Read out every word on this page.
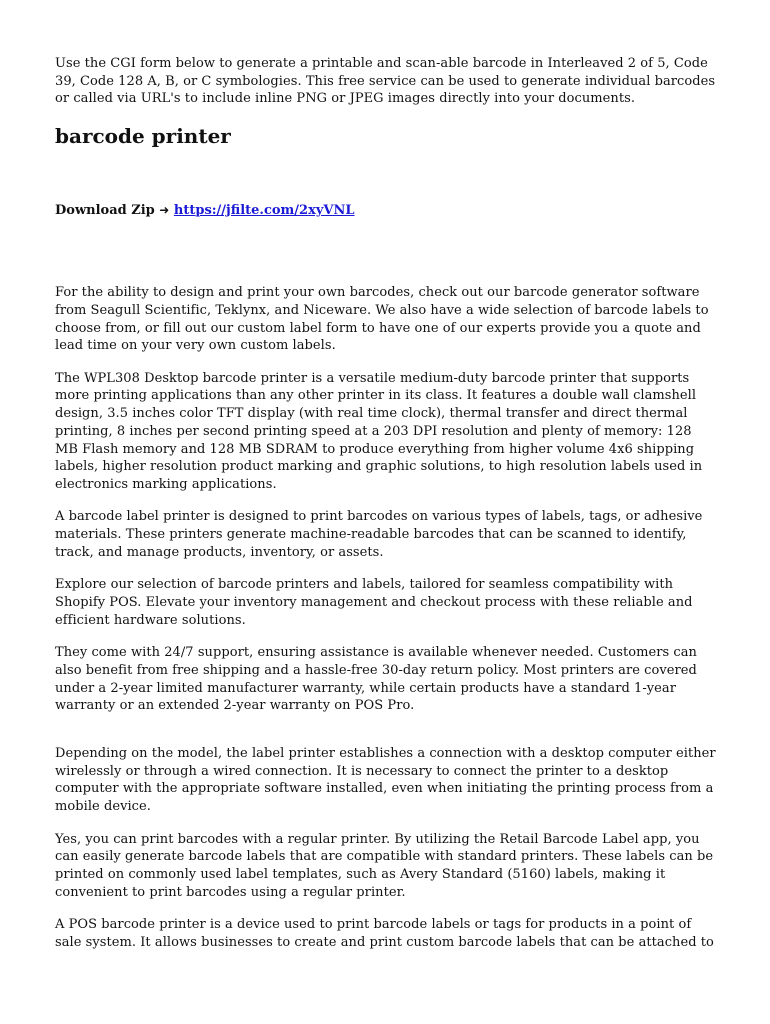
Use the CGI form below to generate a printable and scan-able barcode in Interleaved 2 of 5, Code 39, Code 128 A, B, or C symbologies. This free service can be used to generate individual barcodes or called via URL's to include inline PNG or JPEG images directly into your documents.

barcode printer
Download Zip ➜ https://jfilte.com/2xyVNL

For the ability to design and print your own barcodes, check out our barcode generator software from Seagull Scientific, Teklynx, and Niceware. We also have a wide selection of barcode labels to choose from, or fill out our custom label form to have one of our experts provide you a quote and lead time on your very own custom labels.

The WPL308 Desktop barcode printer is a versatile medium-duty barcode printer that supports more printing applications than any other printer in its class. It features a double wall clamshell design, 3.5 inches color TFT display (with real time clock), thermal transfer and direct thermal printing, 8 inches per second printing speed at a 203 DPI resolution and plenty of memory: 128 MB Flash memory and 128 MB SDRAM to produce everything from higher volume 4x6 shipping labels, higher resolution product marking and graphic solutions, to high resolution labels used in electronics marking applications.

A barcode label printer is designed to print barcodes on various types of labels, tags, or adhesive materials. These printers generate machine-readable barcodes that can be scanned to identify, track, and manage products, inventory, or assets.

Explore our selection of barcode printers and labels, tailored for seamless compatibility with Shopify POS. Elevate your inventory management and checkout process with these reliable and efficient hardware solutions.

They come with 24/7 support, ensuring assistance is available whenever needed. Customers can also benefit from free shipping and a hassle-free 30-day return policy. Most printers are covered under a 2-year limited manufacturer warranty, while certain products have a standard 1-year warranty or an extended 2-year warranty on POS Pro.

Depending on the model, the label printer establishes a connection with a desktop computer either wirelessly or through a wired connection. It is necessary to connect the printer to a desktop computer with the appropriate software installed, even when initiating the printing process from a mobile device.

Yes, you can print barcodes with a regular printer. By utilizing the Retail Barcode Label app, you can easily generate barcode labels that are compatible with standard printers. These labels can be printed on commonly used label templates, such as Avery Standard (5160) labels, making it convenient to print barcodes using a regular printer.

A POS barcode printer is a device used to print barcode labels or tags for products in a point of sale system. It allows businesses to create and print custom barcode labels that can be attached to
